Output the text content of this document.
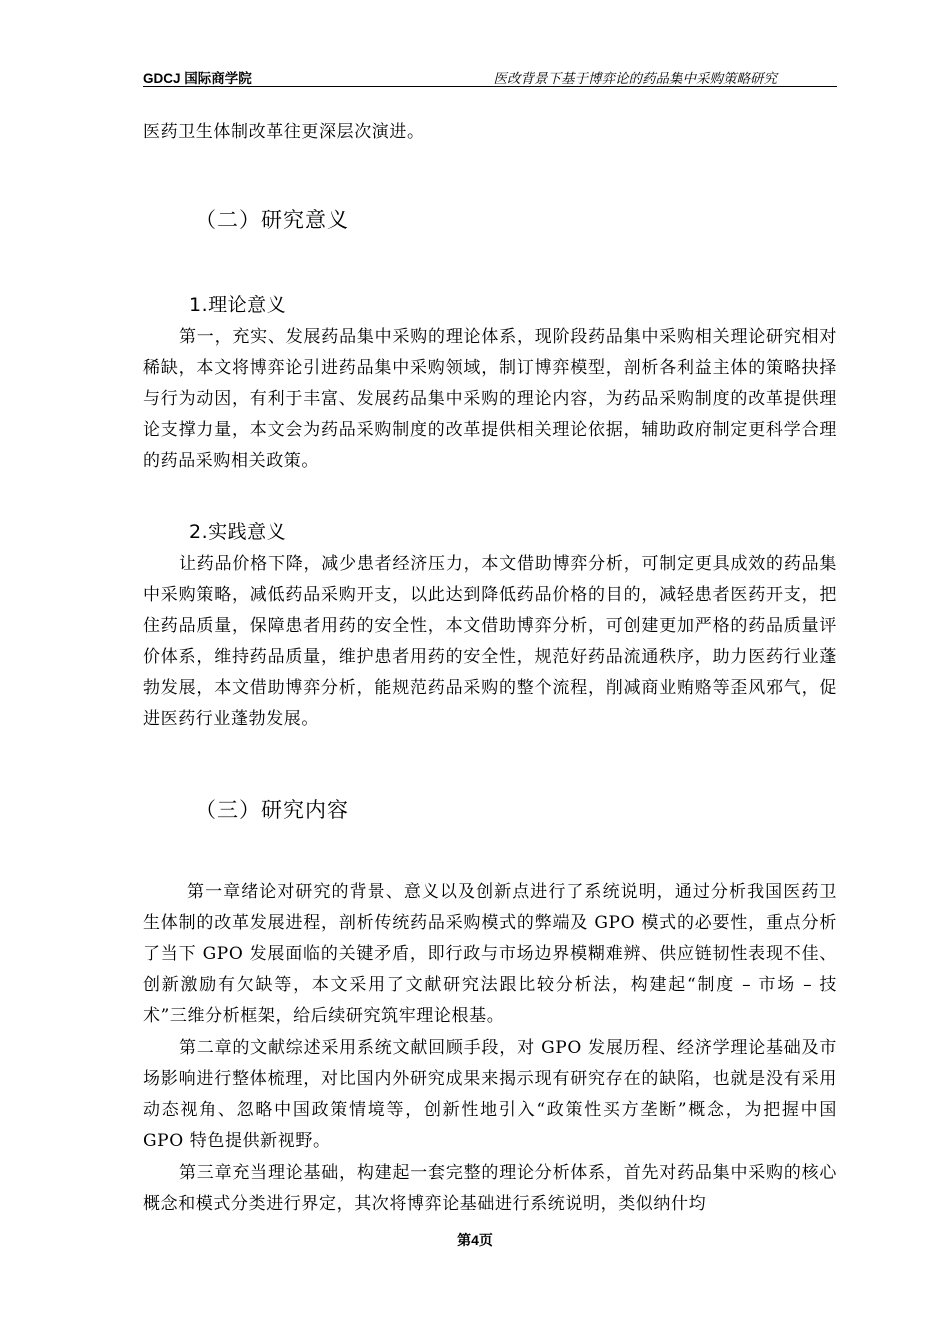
GDCJ 国际商学院	医改背景下基于博弈论的药品集中采购策略研究

医药卫生体制改革往更深层次演进。

（二）研究意义
1.理论意义

第一，充实、发展药品集中采购的理论体系，现阶段药品集中采购相关理论研究相对稀缺，本文将博弈论引进药品集中采购领域，制订博弈模型，剖析各利益主体的策略抉择与行为动因，有利于丰富、发展药品集中采购的理论内容，为药品采购制度的改革提供理论支撑力量，本文会为药品采购制度的改革提供相关理论依据，辅助政府制定更科学合理的药品采购相关政策。

2.实践意义

让药品价格下降，减少患者经济压力，本文借助博弈分析，可制定更具成效的药品集中采购策略，减低药品采购开支，以此达到降低药品价格的目的，减轻患者医药开支，把住药品质量，保障患者用药的安全性，本文借助博弈分析，可创建更加严格的药品质量评价体系，维持药品质量，维护患者用药的安全性，规范好药品流通秩序，助力医药行业蓬勃发展，本文借助博弈分析，能规范药品采购的整个流程，削减商业贿赂等歪风邪气，促进医药行业蓬勃发展。

（三）研究内容

第一章绪论对研究的背景、意义以及创新点进行了系统说明，通过分析我国医药卫生体制的改革发展进程，剖析传统药品采购模式的弊端及 GPO 模式的必要性，重点分析了当下 GPO 发展面临的关键矛盾，即行政与市场边界模糊难辨、供应链韧性表现不佳、创新激励有欠缺等，本文采用了文献研究法跟比较分析法，构建起“制度 – 市场 – 技术”三维分析框架，给后续研究筑牢理论根基。

第二章的文献综述采用系统文献回顾手段，对 GPO 发展历程、经济学理论基础及市场影响进行整体梳理，对比国内外研究成果来揭示现有研究存在的缺陷，也就是没有采用动态视角、忽略中国政策情境等，创新性地引入“政策性买方垄断”概念，为把握中国 GPO 特色提供新视野。

第三章充当理论基础，构建起一套完整的理论分析体系，首先对药品集中采购的核心概念和模式分类进行界定，其次将博弈论基础进行系统说明，类似纳什均

第4页
